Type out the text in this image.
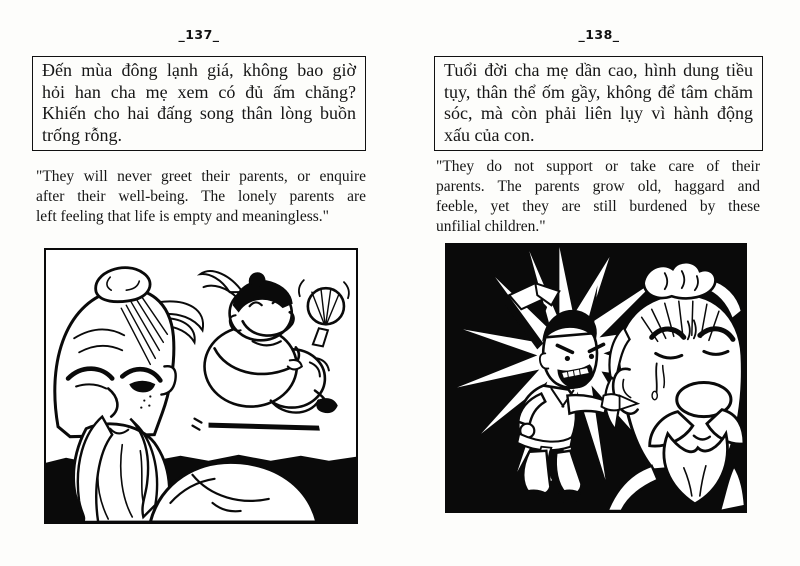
_137_
Đến mùa đông lạnh giá, không bao giờ
hỏi han cha mẹ xem có đủ ấm chăng?
Khiến cho hai đấng song thân lòng buồn
trống rỗng.
"They will never greet their parents, or enquire
after their well-being. The lonely parents are
left feeling that life is empty and meaningless."
_138_
Tuổi đời cha mẹ dần cao, hình dung tiều
tụy, thân thể ốm gầy, không để tâm chăm
sóc, mà còn phải liên lụy vì hành động
xấu của con.
"They do not support or take care of their
parents. The parents grow old, haggard and
feeble, yet they are still burdened by these
unfilial children."
